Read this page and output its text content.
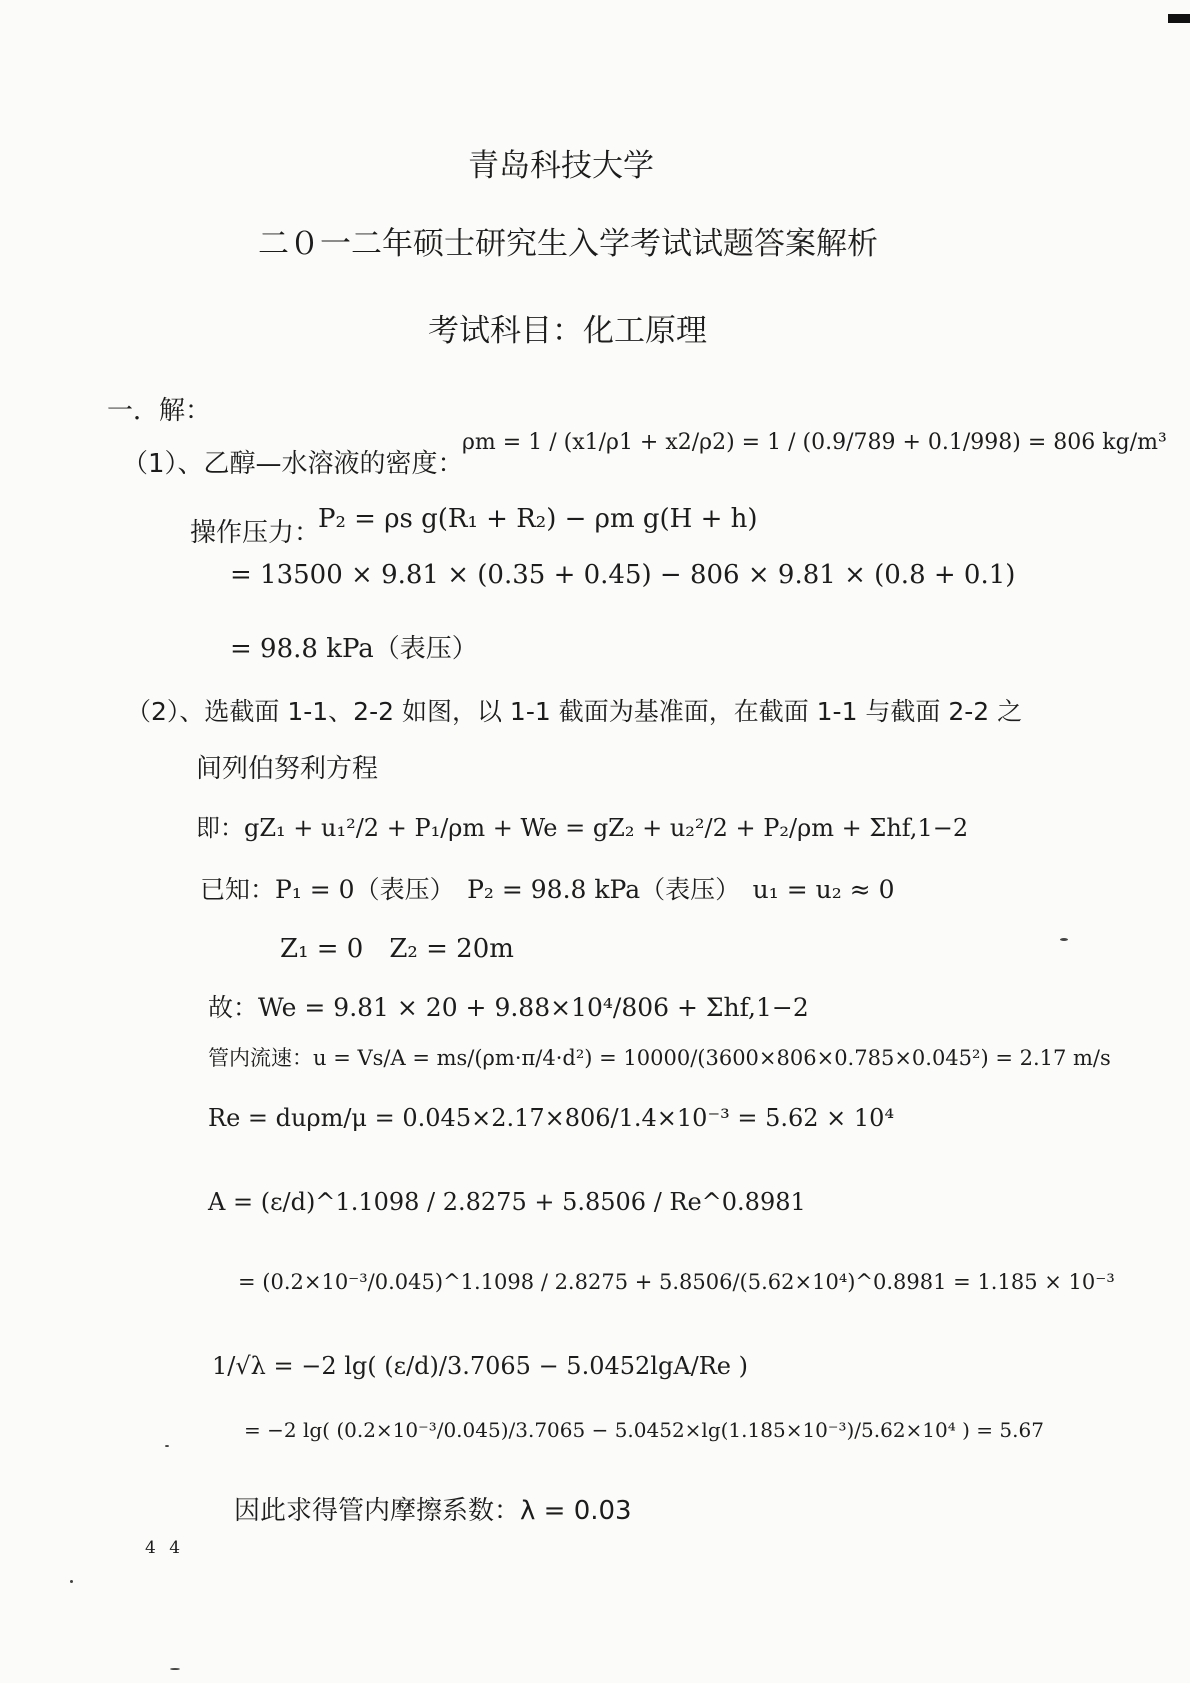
青岛科技大学
二０一二年硕士研究生入学考试试题答案解析
考试科目：化工原理
一．解：
（1）、乙醇—水溶液的密度：
ρm = 1 / (x1/ρ1 + x2/ρ2) = 1 / (0.9/789 + 0.1/998) = 806 kg/m³
操作压力：
P₂ = ρs g(R₁ + R₂) − ρm g(H + h)
= 13500 × 9.81 × (0.35 + 0.45) − 806 × 9.81 × (0.8 + 0.1)
= 98.8 kPa（表压）
（2）、选截面 1-1、2-2 如图，以 1-1 截面为基准面，在截面 1-1 与截面 2-2 之
间列伯努利方程
即：gZ₁ + u₁²/2 + P₁/ρm + We = gZ₂ + u₂²/2 + P₂/ρm + Σhf,1−2
已知：P₁ = 0（表压）　P₂ = 98.8 kPa（表压）　u₁ = u₂ ≈ 0
Z₁ = 0　Z₂ = 20m
故：We = 9.81 × 20 + 9.88×10⁴/806 + Σhf,1−2
管内流速：u = Vs/A = ms/(ρm·π/4·d²) = 10000/(3600×806×0.785×0.045²) = 2.17 m/s
Re = duρm/μ = 0.045×2.17×806/1.4×10⁻³ = 5.62 × 10⁴
A = (ε/d)^1.1098 / 2.8275 + 5.8506 / Re^0.8981
= (0.2×10⁻³/0.045)^1.1098 / 2.8275 + 5.8506/(5.62×10⁴)^0.8981 = 1.185 × 10⁻³
1/√λ = −2 lg( (ε/d)/3.7065 − 5.0452lgA/Re )
= −2 lg( (0.2×10⁻³/0.045)/3.7065 − 5.0452×lg(1.185×10⁻³)/5.62×10⁴ ) = 5.67
因此求得管内摩擦系数：λ = 0.03
4 4
